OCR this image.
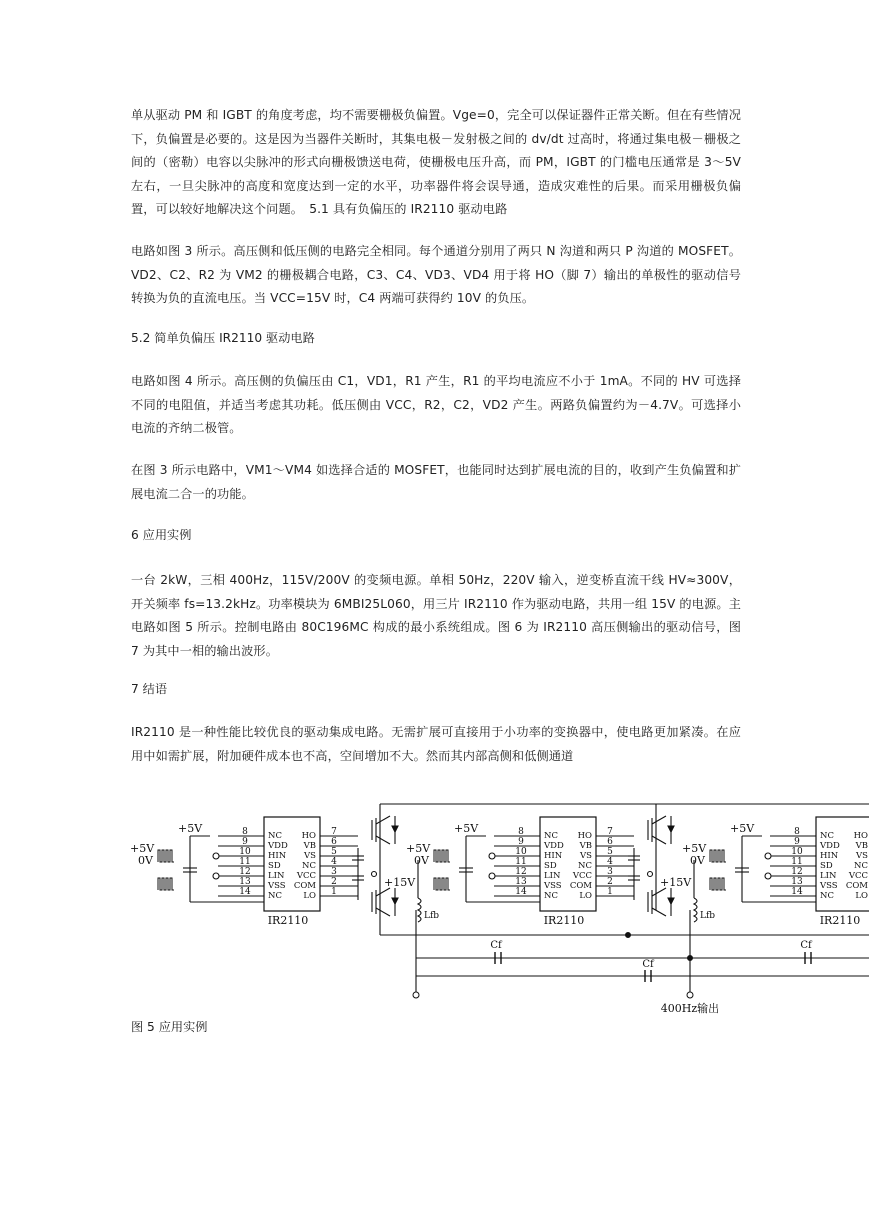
单从驱动 PM 和 IGBT 的角度考虑，均不需要栅极负偏置。Vge=0，完全可以保证器件正常关断。但在有些情况下，负偏置是必要的。这是因为当器件关断时，其集电极－发射极之间的 dv/dt 过高时，将通过集电极－栅极之间的（密勒）电容以尖脉冲的形式向栅极馈送电荷，使栅极电压升高，而 PM，IGBT 的门槛电压通常是 3～5V 左右，一旦尖脉冲的高度和宽度达到一定的水平，功率器件将会误导通，造成灾难性的后果。而采用栅极负偏置，可以较好地解决这个问题。　5.1 具有负偏压的 IR2110 驱动电路

电路如图 3 所示。高压侧和低压侧的电路完全相同。每个通道分别用了两只 N 沟道和两只 P 沟道的 MOSFET。VD2、C2、R2 为 VM2 的栅极耦合电路，C3、C4、VD3、VD4 用于将 HO（脚 7）输出的单极性的驱动信号转换为负的直流电压。当 VCC=15V 时，C4 两端可获得约 10V 的负压。

5.2 简单负偏压 IR2110 驱动电路

电路如图 4 所示。高压侧的负偏压由 C1，VD1，R1 产生，R1 的平均电流应不小于 1mA。不同的 HV 可选择不同的电阻值，并适当考虑其功耗。低压侧由 VCC，R2，C2，VD2 产生。两路负偏置约为－4.7V。可选择小电流的齐纳二极管。

在图 3 所示电路中，VM1～VM4 如选择合适的 MOSFET，也能同时达到扩展电流的目的，收到产生负偏置和扩展电流二合一的功能。

6 应用实例

一台 2kW，三相 400Hz，115V/200V 的变频电源。单相 50Hz，220V 输入，逆变桥直流干线 HV≈300V，开关频率 fs=13.2kHz。功率模块为 6MBI25L060，用三片 IR2110 作为驱动电路，共用一组 15V 的电源。主电路如图 5 所示。控制电路由 80C196MC 构成的最小系统组成。图 6 为 IR2110 高压侧输出的驱动信号，图 7 为其中一相的输出波形。

7 结语

IR2110 是一种性能比较优良的驱动集成电路。无需扩展可直接用于小功率的变换器中，使电路更加紧凑。在应用中如需扩展，附加硬件成本也不高，空间增加不大。然而其内部高侧和低侧通道

+5V
0V
+5V	8
9
10
11
12
13
14
NC
VDD
HIN
SD
LIN
VSS
NC
HO
VB
VS
NC
VCC
COM
LO
IR2110
7
6
5
4
3
2
1
+15V
Lfb
+5V
0V
+5V	8
9
10
11
12
13
14
NC
VDD
HIN
SD
LIN
VSS
NC
HO
VB
VS
NC
VCC
COM
LO
IR2110
7
6
5
4
3
2
1
+15V
Lfb
+5V
0V
+5V	8
9
10
11
12
13
14
NC
VDD
HIN
SD
LIN
VSS
NC
HO
VB
VS
NC
VCC
COM
LO
IR2110
Cf	Cf
Cf
400Hz输出

图 5 应用实例
